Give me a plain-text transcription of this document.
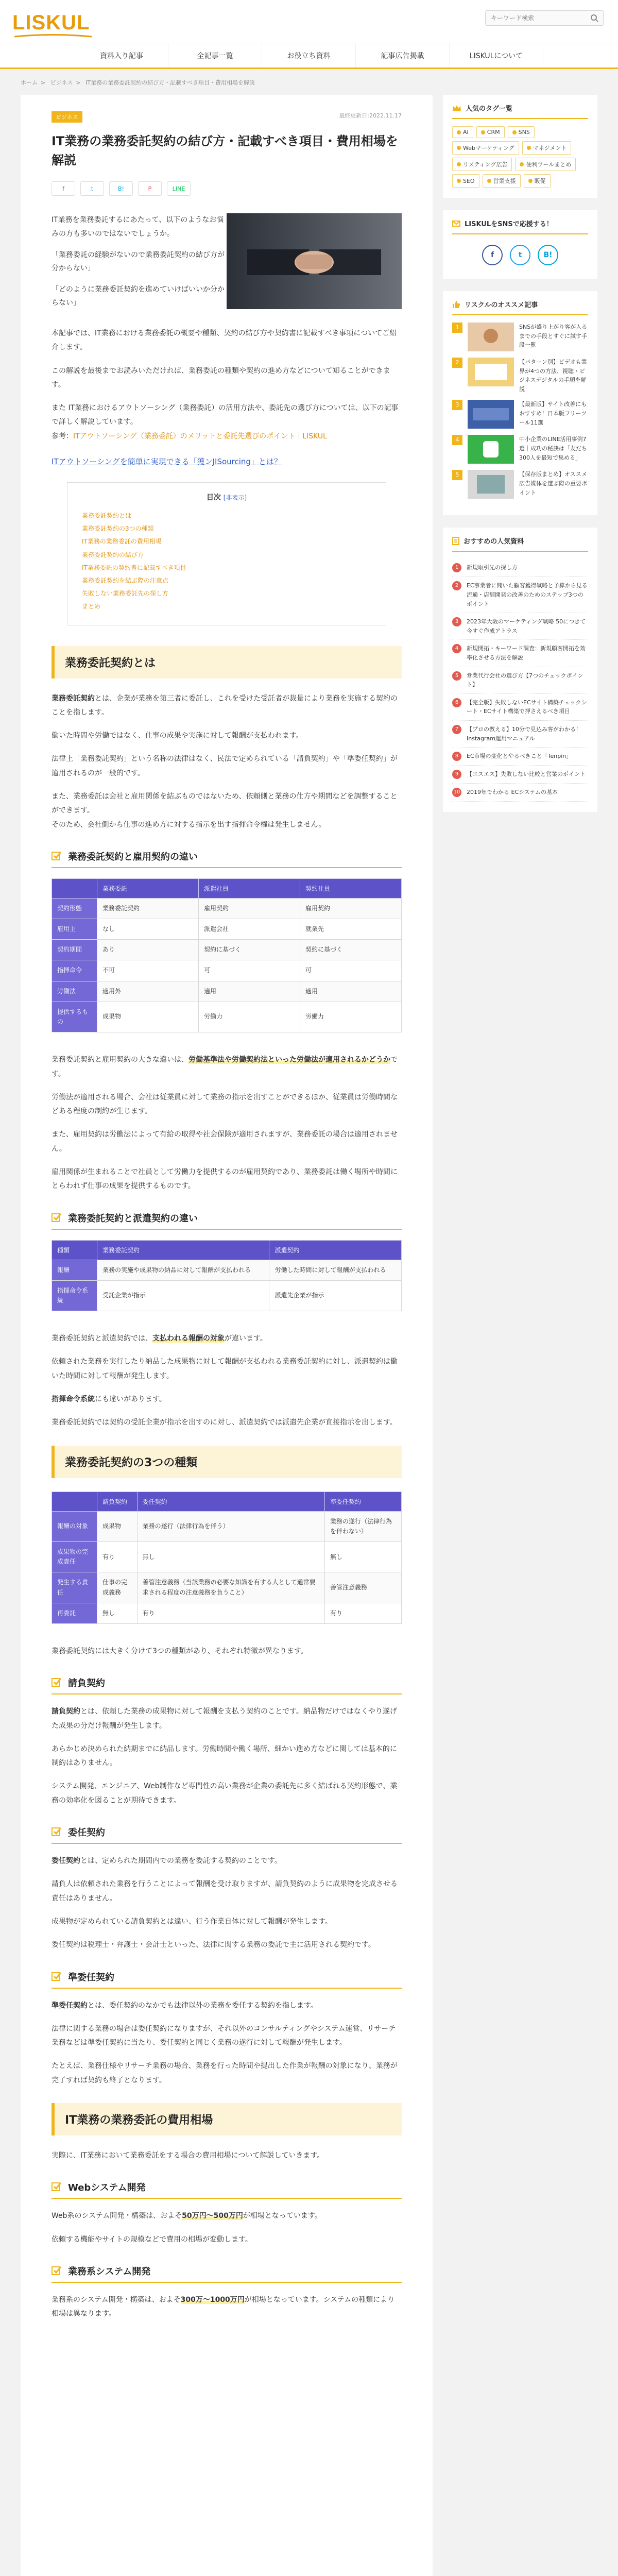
LISKUL
キーワード検索
資料入り記事	全記事一覧	お役立ち資料	記事広告掲載	LISKULについて
ホーム > ビジネス > IT業務の業務委託契約の結び方・記載すべき項目・費用相場を解説
ビジネス	最終更新日:2022.11.17
IT業務の業務委託契約の結び方・記載すべき項目・費用相場を解説
f	t	B!	P	LINE

IT業務を業務委託するにあたって、以下のようなお悩みの方も多いのではないでしょうか。

「業務委託の経験がないので業務委託契約の結び方が分からない」

「どのように業務委託契約を進めていけばいいか分からない」

本記事では、IT業務における業務委託の概要や種類、契約の結び方や契約書に記載すべき事項についてご紹介します。

この解説を最後までお読みいただければ、業務委託の種類や契約の進め方などについて知ることができます。

また IT業務におけるアウトソーシング（業務委託）の活用方法や、委託先の選び方については、以下の記事で詳しく解説しています。
参考：ITアウトソーシング（業務委託）のメリットと委託先選びのポイント｜LISKUL

ITアウトソーシングを簡単に実現できる「獲ンJISourcing」とは？
目次 [非表示]
業務委託契約とは
業務委託契約の3つの種類
IT業務の業務委託の費用相場
業務委託契約の結び方
IT業務委託の契約書に記載すべき項目
業務委託契約を結ぶ際の注意点
失敗しない業務委託先の探し方
まとめ
業務委託契約とは

業務委託契約とは、企業が業務を第三者に委託し、これを受けた受託者が裁量により業務を実施する契約のことを指します。

働いた時間や労働ではなく、仕事の成果や実施に対して報酬が支払われます。

法律上「業務委託契約」という名称の法律はなく、民法で定められている「請負契約」や「準委任契約」が適用されるのが一般的です。

また、業務委託は会社と雇用関係を結ぶものではないため、依頼側と業務の仕方や期間などを調整することができます。
そのため、会社側から仕事の進め方に対する指示を出す指揮命令権は発生しません。

業務委託契約と雇用契約の違い
	業務委託	派遣社員	契約社員
契約形態	業務委託契約	雇用契約	雇用契約
雇用主	なし	派遣会社	就業先
契約期間	あり	契約に基づく	契約に基づく
指揮命令	不可	可	可
労働法	適用外	適用	適用
提供するもの	成果物	労働力	労働力

業務委託契約と雇用契約の大きな違いは、労働基準法や労働契約法といった労働法が適用されるかどうかです。

労働法が適用される場合、会社は従業員に対して業務の指示を出すことができるほか、従業員は労働時間などある程度の制約が生じます。

また、雇用契約は労働法によって有給の取得や社会保険が適用されますが、業務委託の場合は適用されません。

雇用関係が生まれることで社員として労働力を提供するのが雇用契約であり、業務委託は働く場所や時間にとらわれず仕事の成果を提供するものです。

業務委託契約と派遣契約の違い
種類	業務委託契約	派遣契約
報酬	業務の実施や成果物の納品に対して報酬が支払われる	労働した時間に対して報酬が支払われる
指揮命令系統	受託企業が指示	派遣先企業が指示

業務委託契約と派遣契約では、支払われる報酬の対象が違います。

依頼された業務を実行したり納品した成果物に対して報酬が支払われる業務委託契約に対し、派遣契約は働いた時間に対して報酬が発生します。

指揮命令系統にも違いがあります。

業務委託契約では契約の受託企業が指示を出すのに対し、派遣契約では派遣先企業が直接指示を出します。

業務委託契約の3つの種類
	請負契約	委任契約	準委任契約
報酬の対象	成果物	業務の遂行（法律行為を伴う）	業務の遂行（法律行為を伴わない）
成果物の完成責任	有り	無し	無し
発生する責任	仕事の完成義務	善管注意義務（当該業務の必要な知識を有する人として通常要求される程度の注意義務を負うこと）	善管注意義務
再委託	無し	有り	有り

業務委託契約には大きく分けて3つの種類があり、それぞれ特徴が異なります。

請負契約

請負契約とは、依頼した業務の成果物に対して報酬を支払う契約のことです。納品物だけではなくやり遂げた成果の分だけ報酬が発生します。

あらかじめ決められた納期までに納品します。労働時間や働く場所、細かい進め方などに関しては基本的に制約はありません。

システム開発、エンジニア、Web制作など専門性の高い業務が企業の委託先に多く結ばれる契約形態で、業務の効率化を図ることが期待できます。

委任契約

委任契約とは、定められた期間内での業務を委託する契約のことです。

請負人は依頼された業務を行うことによって報酬を受け取りますが、請負契約のように成果物を完成させる責任はありません。

成果物が定められている請負契約とは違い、行う作業自体に対して報酬が発生します。

委任契約は税理士・弁護士・会計士といった、法律に関する業務の委託で主に活用される契約です。

準委任契約

準委任契約とは、委任契約のなかでも法律以外の業務を委任する契約を指します。

法律に関する業務の場合は委任契約になりますが、それ以外のコンサルティングやシステム運営、リサーチ業務などは準委任契約に当たり、委任契約と同じく業務の遂行に対して報酬が発生します。

たとえば、業務仕様やリサーチ業務の場合、業務を行った時間や提出した作業が報酬の対象になり、業務が完了すれば契約も終了となります。

IT業務の業務委託の費用相場

実際に、IT業務において業務委託をする場合の費用相場について解説していきます。

Webシステム開発

Web系のシステム開発・構築は、およそ50万円〜500万円が相場となっています。

依頼する機能やサイトの規模などで費用の相場が変動します。

業務系システム開発

業務系のシステム開発・構築は、およそ300万〜1000万円が相場となっています。システムの種類により相場は異なります。

人気のタグ一覧
AI	CRM	SNS
Webマーケティング	マネジメント
リスティング広告	便利ツールまとめ
SEO	営業支援	販促
LISKULをSNSで応援する！
f	t	B!
リスクルのオススメ記事
1	SNSが盛り上がり客が入るまでの手段とすぐに試す手段一覧
2	【パターン別】ビデオも業界が4つの方法、視聴・ビジネスデジタルの手順を解説
3	【最新版】サイト改善にもおすすめ！日本版フリーツール11選
4	中小企業のLINE活用事例7選｜成功の秘訣は「友だち300人を最短で集める」
5	【保存版まとめ】オススメ広告媒体を選ぶ際の重要ポイント
おすすめの人気資料
1	新規取引先の探し方
2	EC事業者に聞いた顧客獲得戦略と予算から見る流通・店舗開発の改善のためのステップ3つのポイント
3	2023年大阪のマーケティング戦略 50につきて今すぐ作成アトラス
4	新規開拓・キーワード調査：新規顧客開拓を効率化させる方法を解説
5	営業代行会社の選び方【7つのチェックポイント】
6	【完全版】失敗しないECサイト構築チェックシート・ECサイト構築で押さえるべき項目
7	【プロの教える】10分で見込み客がわかる！Instagram運用マニュアル
8	EC市場の変化とやるべきこと「Tenpin」
9	【エスエス】失敗しない比較と営業のポイント
10 2019年でわかる ECシステムの基本
